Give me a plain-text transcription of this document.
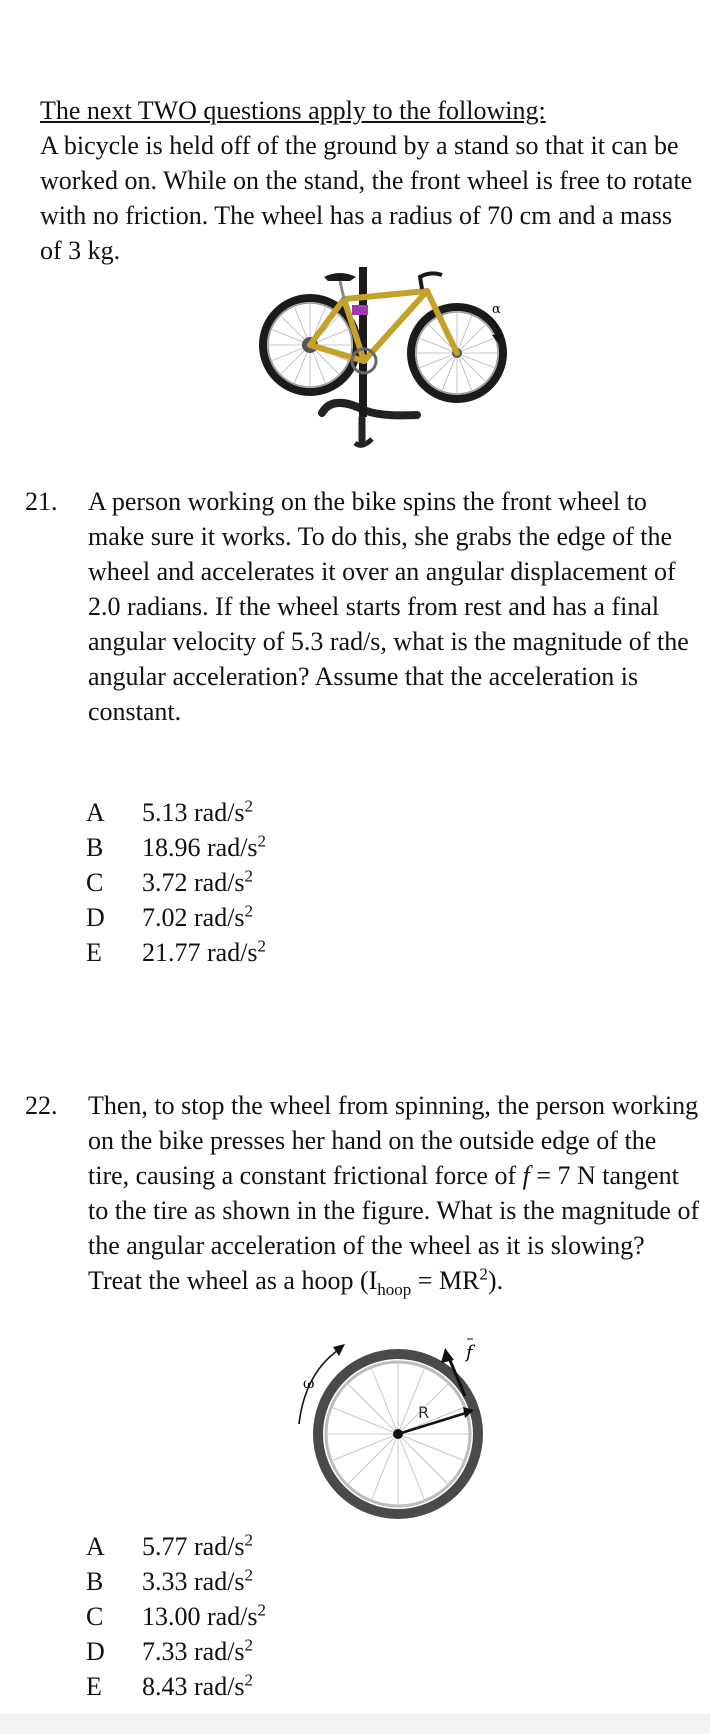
The next TWO questions apply to the following:
A bicycle is held off of the ground by a stand so that it can be worked on. While on the stand, the front wheel is free to rotate with no friction. The wheel has a radius of 70 cm and a mass of 3 kg.
α
21. A person working on the bike spins the front wheel to make sure it works. To do this, she grabs the edge of the wheel and accelerates it over an angular displacement of 2.0 radians. If the wheel starts from rest and has a final angular velocity of 5.3 rad/s, what is the magnitude of the angular acceleration? Assume that the acceleration is constant.
A 5.13 rad/$s^2$
B 18.96 rad/$s^2$
C 3.72 rad/$s^2$
D 7.02 rad/$s^2$
E 21.77 rad/$s^2$
22. Then, to stop the wheel from spinning, the person working on the bike presses her hand on the outside edge of the tire, causing a constant frictional force of f = 7 N tangent to the tire as shown in the figure. What is the magnitude of the angular acceleration of the wheel as it is slowing? Treat the wheel as a hoop $(I_{hoop} = MR^2)$.
R
f
ω
A 5.77 rad/$s^2$
B 3.33 rad/$s^2$
C 13.00 rad/$s^2$
D 7.33 rad/$s^2$
E 8.43 rad/$s^2$
